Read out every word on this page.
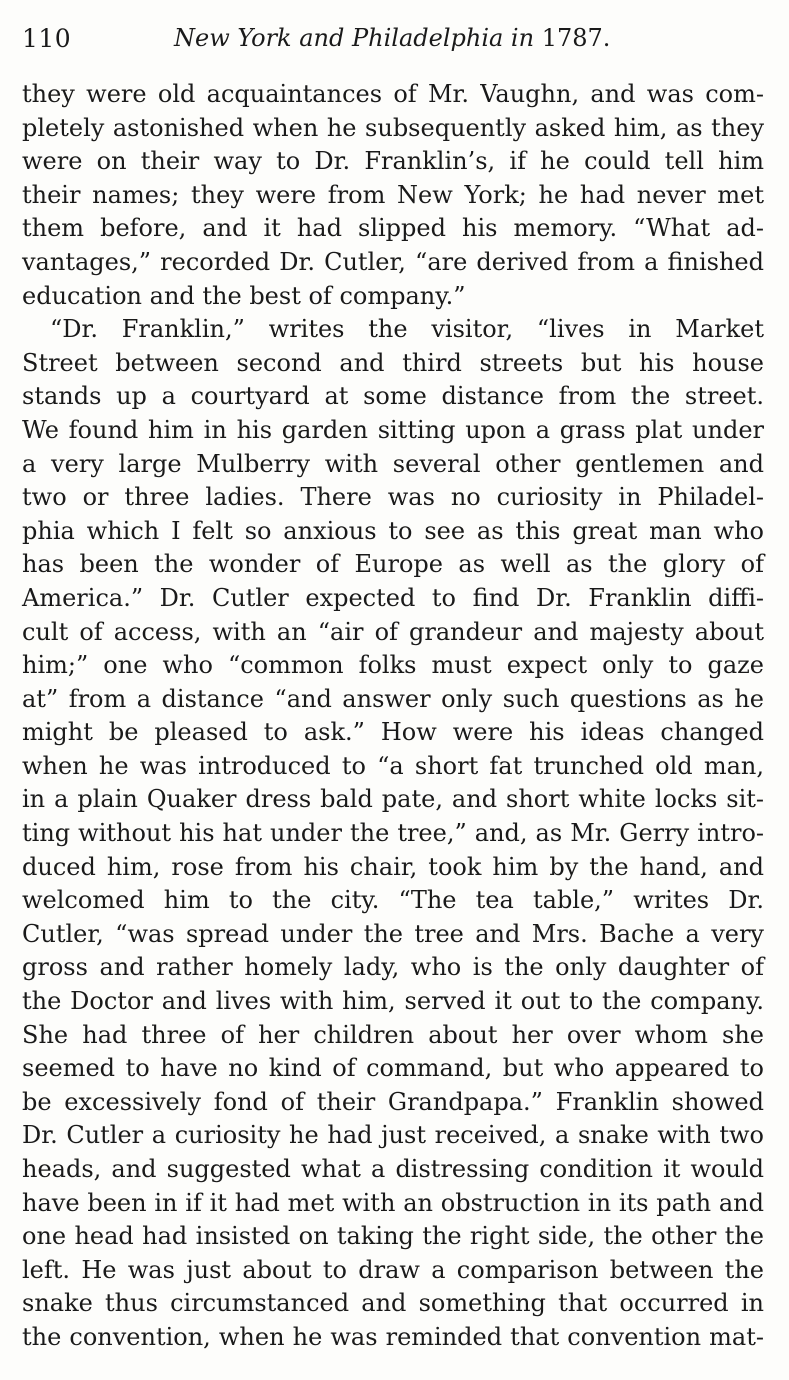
110	New York and Philadelphia in 1787.
they were old acquaintances of Mr. Vaughn, and was com-
pletely astonished when he subsequently asked him, as they
were on their way to Dr. Franklin’s, if he could tell him
their names; they were from New York; he had never met
them before, and it had slipped his memory. “What ad-
vantages,” recorded Dr. Cutler, “are derived from a finished
education and the best of company.”
“Dr. Franklin,” writes the visitor, “lives in Market
Street between second and third streets but his house
stands up a courtyard at some distance from the street.
We found him in his garden sitting upon a grass plat under
a very large Mulberry with several other gentlemen and
two or three ladies. There was no curiosity in Philadel-
phia which I felt so anxious to see as this great man who
has been the wonder of Europe as well as the glory of
America.” Dr. Cutler expected to find Dr. Franklin diffi-
cult of access, with an “air of grandeur and majesty about
him;” one who “common folks must expect only to gaze
at” from a distance “and answer only such questions as he
might be pleased to ask.” How were his ideas changed
when he was introduced to “a short fat trunched old man,
in a plain Quaker dress bald pate, and short white locks sit-
ting without his hat under the tree,” and, as Mr. Gerry intro-
duced him, rose from his chair, took him by the hand, and
welcomed him to the city. “The tea table,” writes Dr.
Cutler, “was spread under the tree and Mrs. Bache a very
gross and rather homely lady, who is the only daughter of
the Doctor and lives with him, served it out to the company.
She had three of her children about her over whom she
seemed to have no kind of command, but who appeared to
be excessively fond of their Grandpapa.” Franklin showed
Dr. Cutler a curiosity he had just received, a snake with two
heads, and suggested what a distressing condition it would
have been in if it had met with an obstruction in its path and
one head had insisted on taking the right side, the other the
left. He was just about to draw a comparison between the
snake thus circumstanced and something that occurred in
the convention, when he was reminded that convention mat-
